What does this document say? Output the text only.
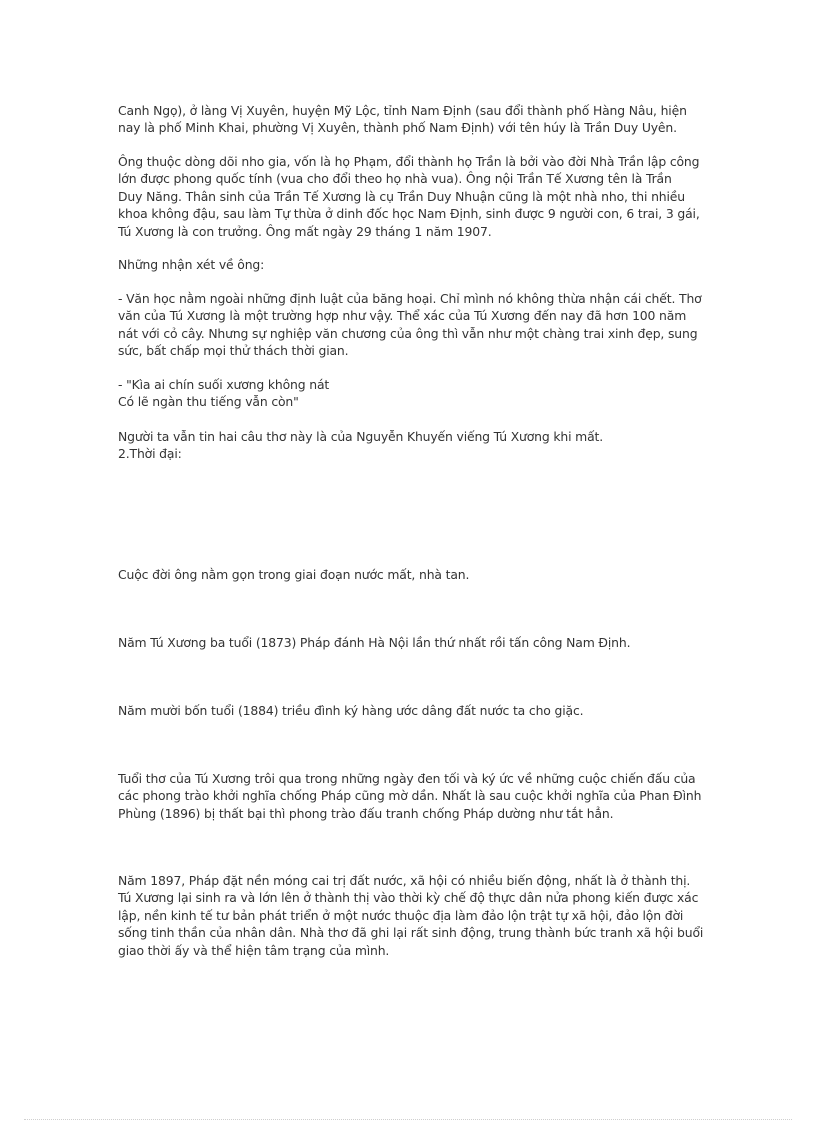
Canh Ngọ), ở làng Vị Xuyên, huyện Mỹ Lộc, tỉnh Nam Định (sau đổi thành phố Hàng Nâu, hiện
nay là phố Minh Khai, phường Vị Xuyên, thành phố Nam Định) với tên húy là Trần Duy Uyên.

Ông thuộc dòng dõi nho gia, vốn là họ Phạm, đổi thành họ Trần là bởi vào đời Nhà Trần lập công
lớn được phong quốc tính (vua cho đổi theo họ nhà vua). Ông nội Trần Tế Xương tên là Trần
Duy Năng. Thân sinh của Trần Tế Xương là cụ Trần Duy Nhuận cũng là một nhà nho, thi nhiều
khoa không đậu, sau làm Tự thừa ở dinh đốc học Nam Định, sinh được 9 người con, 6 trai, 3 gái,
Tú Xương là con trưởng. Ông mất ngày 29 tháng 1 năm 1907.

Những nhận xét về ông:

- Văn học nằm ngoài những định luật của băng hoại. Chỉ mình nó không thừa nhận cái chết. Thơ
văn của Tú Xương là một trường hợp như vậy. Thể xác của Tú Xương đến nay đã hơn 100 năm
nát với cỏ cây. Nhưng sự nghiệp văn chương của ông thì vẫn như một chàng trai xinh đẹp, sung
sức, bất chấp mọi thử thách thời gian.

- "Kìa ai chín suối xương không nát
Có lẽ ngàn thu tiếng vẫn còn"

Người ta vẫn tin hai câu thơ này là của Nguyễn Khuyến viếng Tú Xương khi mất.
2.Thời đại:

Cuộc đời ông nằm gọn trong giai đoạn nước mất, nhà tan.

Năm Tú Xương ba tuổi (1873) Pháp đánh Hà Nội lần thứ nhất rồi tấn công Nam Định.

Năm mười bốn tuổi (1884) triều đình ký hàng ước dâng đất nước ta cho giặc.

Tuổi thơ của Tú Xương trôi qua trong những ngày đen tối và ký ức về những cuộc chiến đấu của
các phong trào khởi nghĩa chống Pháp cũng mờ dần. Nhất là sau cuộc khởi nghĩa của Phan Đình
Phùng (1896) bị thất bại thì phong trào đấu tranh chống Pháp dường như tắt hẳn.

Năm 1897, Pháp đặt nền móng cai trị đất nước, xã hội có nhiều biến động, nhất là ở thành thị.
Tú Xương lại sinh ra và lớn lên ở thành thị vào thời kỳ chế độ thực dân nửa phong kiến được xác
lập, nền kinh tế tư bản phát triển ở một nước thuộc địa làm đảo lộn trật tự xã hội, đảo lộn đời
sống tinh thần của nhân dân. Nhà thơ đã ghi lại rất sinh động, trung thành bức tranh xã hội buổi
giao thời ấy và thể hiện tâm trạng của mình.
